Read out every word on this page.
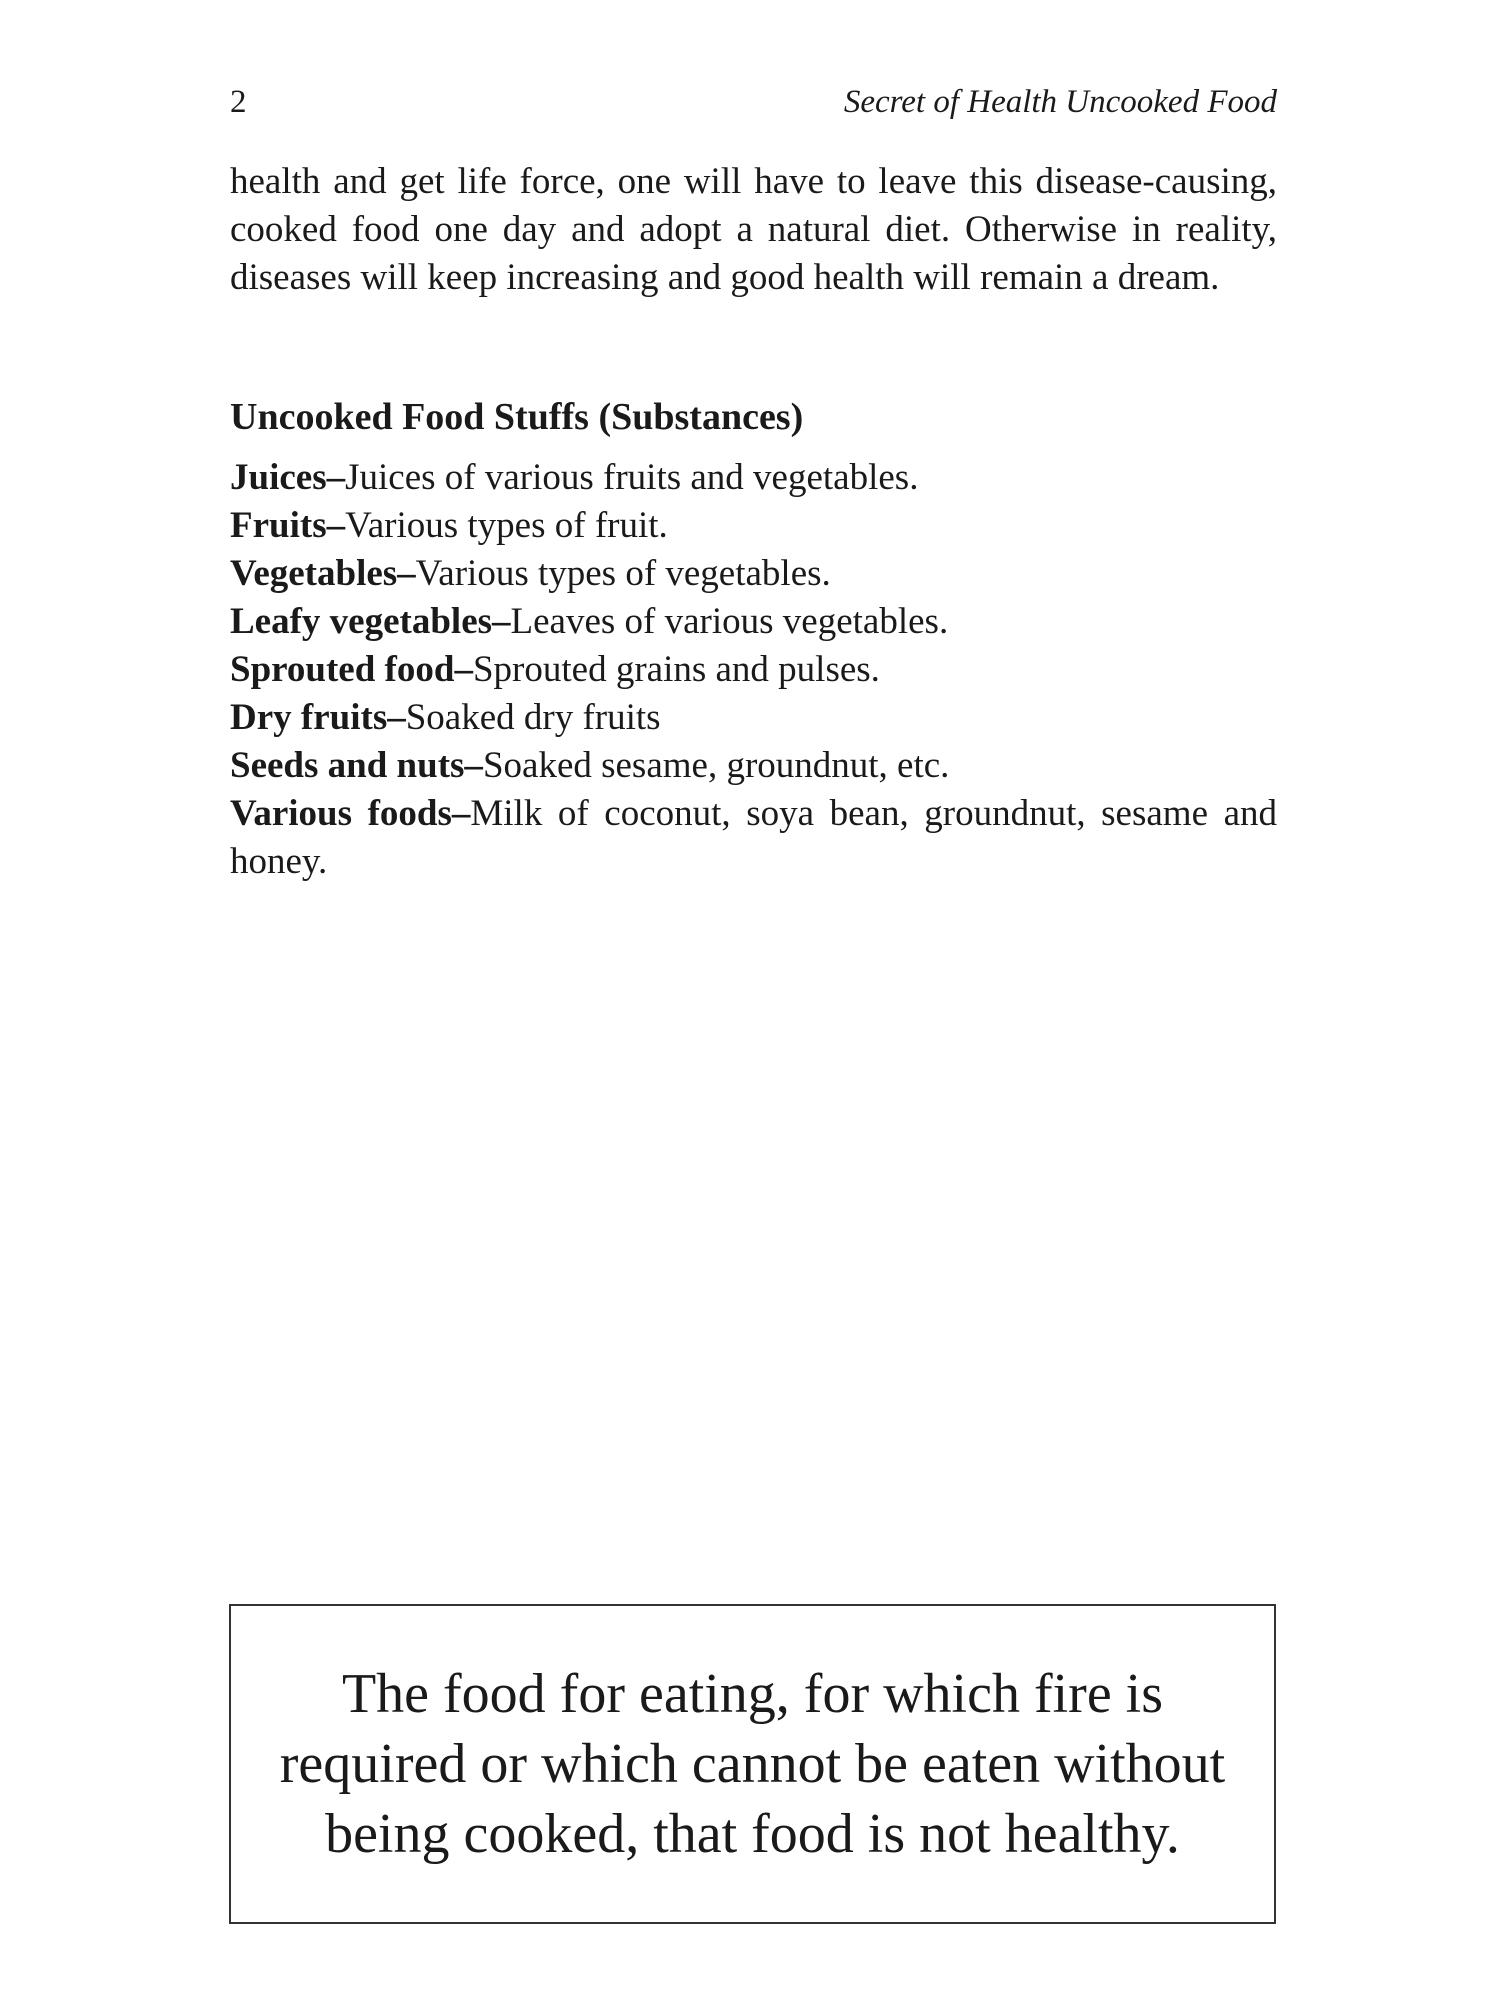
2	Secret of Health Uncooked Food

health and get life force, one will have to leave this disease-causing, cooked food one day and adopt a natural diet. Otherwise in reality, diseases will keep increasing and good health will remain a dream.

Uncooked Food Stuffs (Substances)
Juices–Juices of various fruits and vegetables.
Fruits–Various types of fruit.
Vegetables–Various types of vegetables.
Leafy vegetables–Leaves of various vegetables.
Sprouted food–Sprouted grains and pulses.
Dry fruits–Soaked dry fruits
Seeds and nuts–Soaked sesame, groundnut, etc.
Various foods–Milk of coconut, soya bean, groundnut, sesame and honey.

The food for eating, for which fire is required or which cannot be eaten without being cooked, that food is not healthy.
